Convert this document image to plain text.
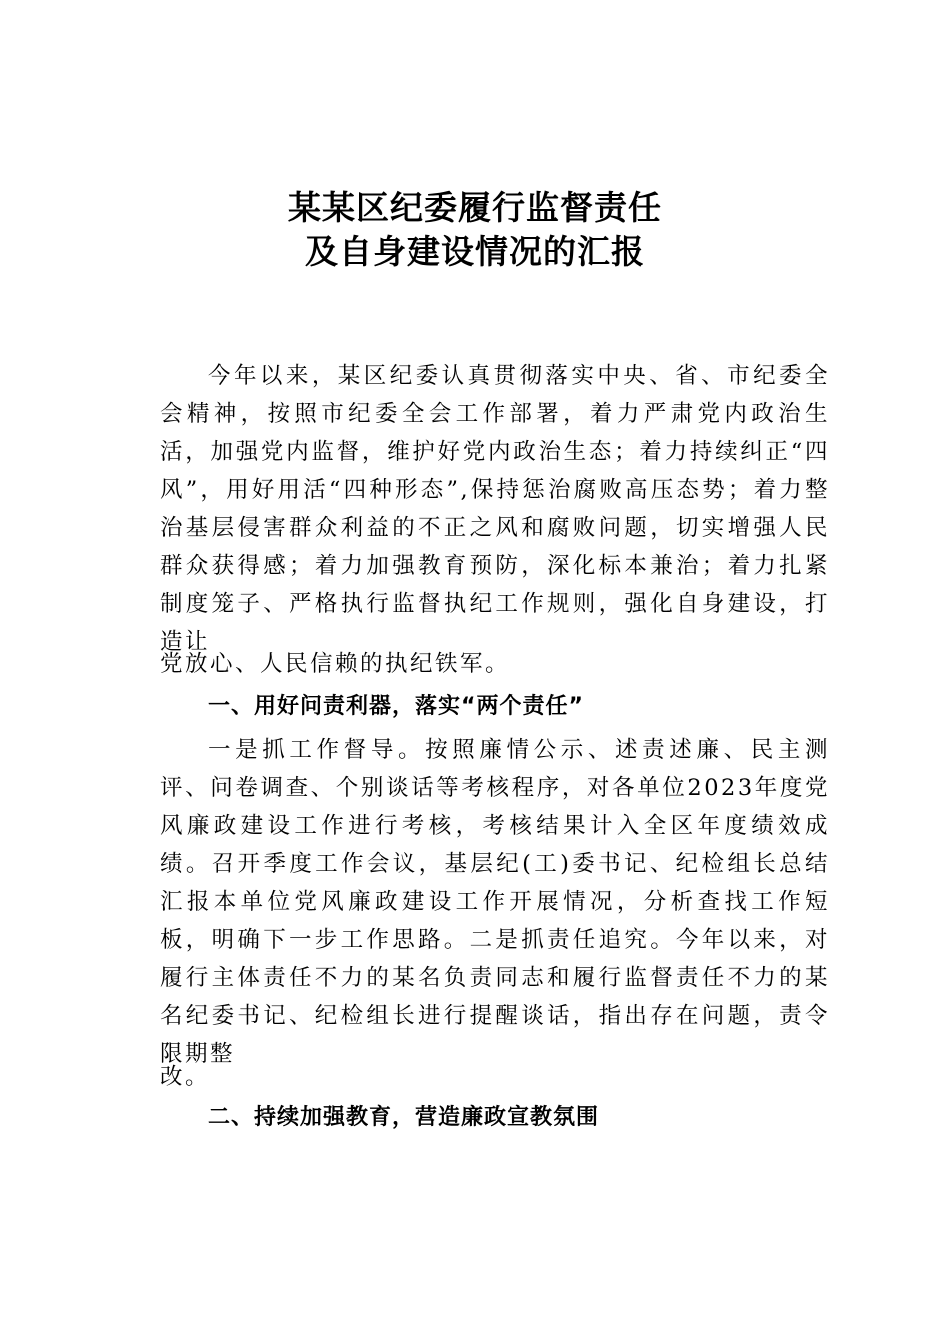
某某区纪委履行监督责任
及自身建设情况的汇报

今年以来，某区纪委认真贯彻落实中央、省、市纪委全会精神，按照市纪委全会工作部署，着力严肃党内政治生活，加强党内监督，维护好党内政治生态；着力持续纠正“四风”，用好用活“四种形态”,保持惩治腐败高压态势；着力整治基层侵害群众利益的不正之风和腐败问题，切实增强人民群众获得感；着力加强教育预防，深化标本兼治；着力扎紧制度笼子、严格执行监督执纪工作规则，强化自身建设，打造让

党放心、人民信赖的执纪铁军。

一、用好问责利器，落实“两个责任”

一是抓工作督导。按照廉情公示、述责述廉、民主测评、问卷调查、个别谈话等考核程序，对各单位2023年度党风廉政建设工作进行考核，考核结果计入全区年度绩效成绩。召开季度工作会议，基层纪(工)委书记、纪检组长总结汇报本单位党风廉政建设工作开展情况，分析查找工作短板，明确下一步工作思路。二是抓责任追究。今年以来，对履行主体责任不力的某名负责同志和履行监督责任不力的某名纪委书记、纪检组长进行提醒谈话，指出存在问题，责令限期整

改。

二、持续加强教育，营造廉政宣教氛围
